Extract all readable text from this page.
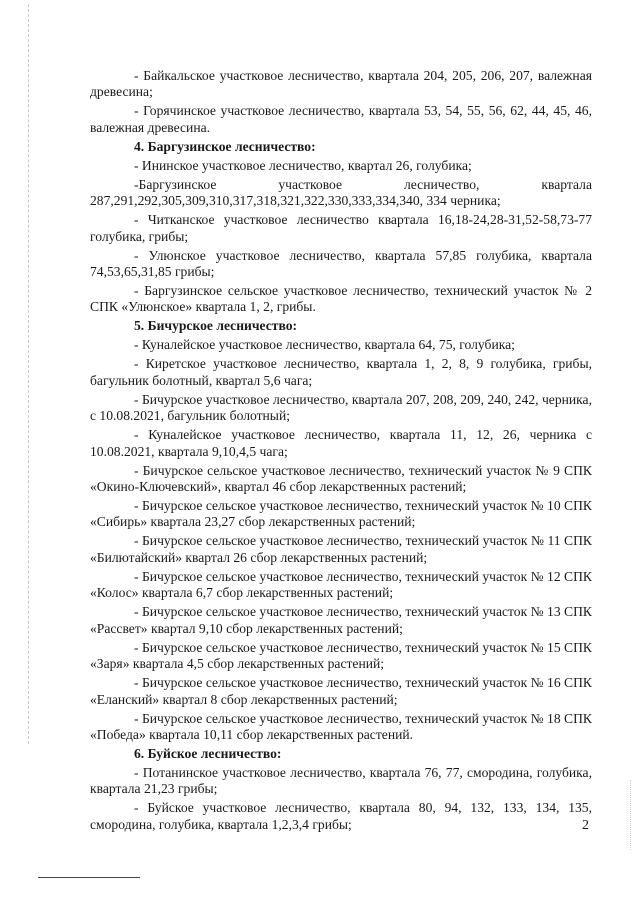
- Байкальское участковое лесничество, квартала 204, 205, 206, 207, валежная древесина;

- Горячинское участковое лесничество, квартала 53, 54, 55, 56, 62, 44, 45, 46, валежная древесина.

4. Баргузинское лесничество:

- Ининское участковое лесничество, квартал 26, голубика;

-Баргузинское участковое лесничество, квартала 287,291,292,305,309,310,317,318,321,322,330,333,334,340, 334 черника;

- Читканское участковое лесничество квартала 16,18-24,28-31,52-58,73-77 голубика, грибы;

- Улюнское участковое лесничество, квартала 57,85 голубика, квартала 74,53,65,31,85 грибы;

- Баргузинское сельское участковое лесничество, технический участок № 2 СПК «Улюнское» квартала 1, 2, грибы.

5. Бичурское лесничество:

- Куналейское участковое лесничество, квартала 64, 75, голубика;

- Киретское участковое лесничество, квартала 1, 2, 8, 9 голубика, грибы, багульник болотный, квартал 5,6 чага;

- Бичурское участковое лесничество, квартала 207, 208, 209, 240, 242, черника, с 10.08.2021, багульник болотный;

- Куналейское участковое лесничество, квартала 11, 12, 26, черника с 10.08.2021, квартала 9,10,4,5 чага;

- Бичурское сельское участковое лесничество, технический участок № 9 СПК «Окино-Ключевский», квартал 46 сбор лекарственных растений;

- Бичурское сельское участковое лесничество, технический участок № 10 СПК «Сибирь» квартала 23,27 сбор лекарственных растений;

- Бичурское сельское участковое лесничество, технический участок № 11 СПК «Билютайский» квартал 26 сбор лекарственных растений;

- Бичурское сельское участковое лесничество, технический участок № 12 СПК «Колос» квартала 6,7 сбор лекарственных растений;

- Бичурское сельское участковое лесничество, технический участок № 13 СПК «Рассвет» квартал 9,10 сбор лекарственных растений;

- Бичурское сельское участковое лесничество, технический участок № 15 СПК «Заря» квартала 4,5 сбор лекарственных растений;

- Бичурское сельское участковое лесничество, технический участок № 16 СПК «Еланский» квартал 8 сбор лекарственных растений;

- Бичурское сельское участковое лесничество, технический участок № 18 СПК «Победа» квартала 10,11 сбор лекарственных растений.

6. Буйское лесничество:

- Потанинское участковое лесничество, квартала 76, 77, смородина, голубика, квартала 21,23 грибы;

- Буйское участковое лесничество, квартала 80, 94, 132, 133, 134, 135, смородина, голубика, квартала 1,2,3,4 грибы;	2
